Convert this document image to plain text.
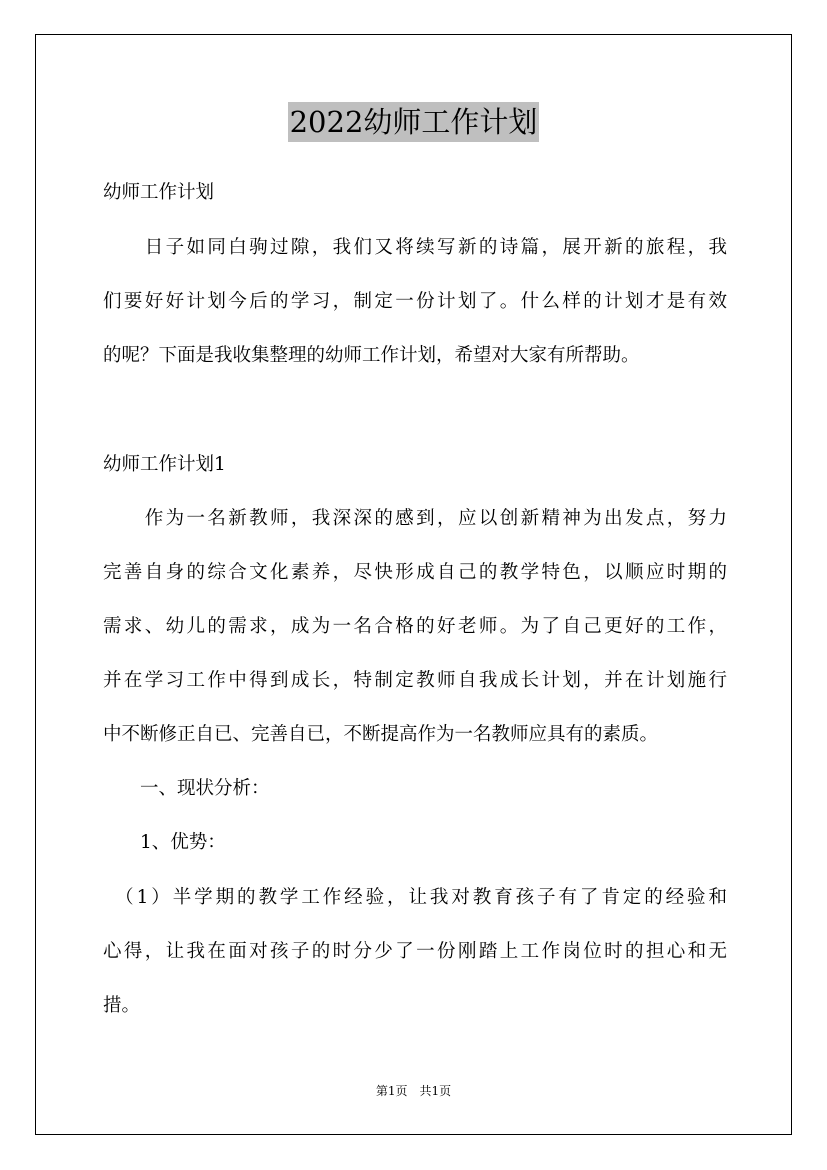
2022幼师工作计划
幼师工作计划
　　日子如同白驹过隙，我们又将续写新的诗篇，展开新的旅程，我
们要好好计划今后的学习，制定一份计划了。什么样的计划才是有效
的呢？下面是我收集整理的幼师工作计划，希望对大家有所帮助。
幼师工作计划1
　　作为一名新教师，我深深的感到，应以创新精神为出发点，努力
完善自身的综合文化素养，尽快形成自己的教学特色，以顺应时期的
需求、幼儿的需求，成为一名合格的好老师。为了自己更好的工作，
并在学习工作中得到成长，特制定教师自我成长计划，并在计划施行
中不断修正自已、完善自已，不断提高作为一名教师应具有的素质。
　　一、现状分析：
　　1、优势：
　（1）半学期的教学工作经验，让我对教育孩子有了肯定的经验和
心得，让我在面对孩子的时分少了一份刚踏上工作岗位时的担心和无
措。
第1页　共1页
